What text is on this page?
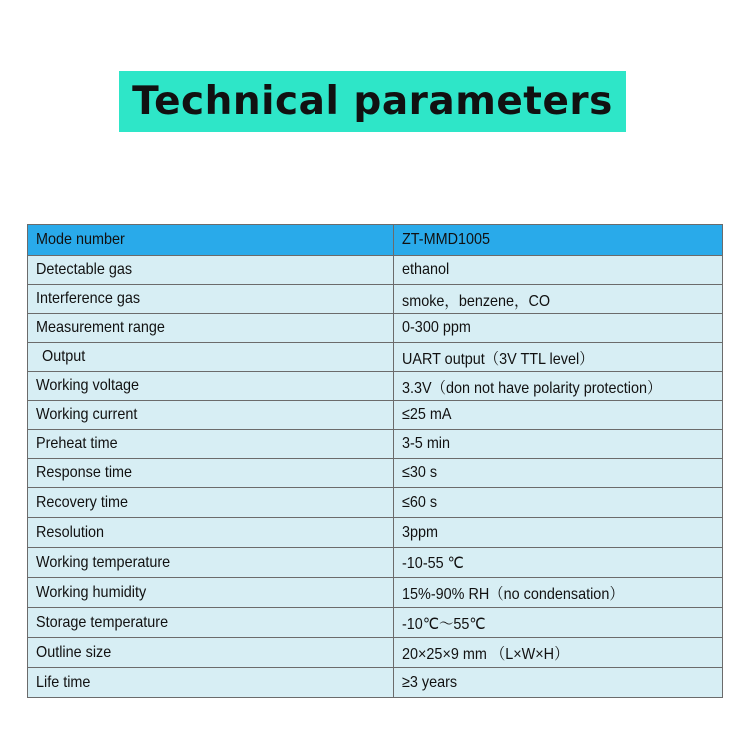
Technical parameters
Mode number	ZT-MMD1005
Detectable gas	ethanol
Interference gas	smoke，benzene，CO
Measurement range	0-300 ppm
Output	UART output（3V TTL level）
Working voltage	3.3V（don not have polarity protection）
Working current	≤25 mA
Preheat time	3-5 min
Response time	≤30 s
Recovery time	≤60 s
Resolution	3ppm
Working temperature	-10-55 ℃
Working humidity	15%-90% RH（no condensation）
Storage temperature	-10℃～55℃
Outline size	20×25×9 mm （L×W×H）
Life time	≥3 years
